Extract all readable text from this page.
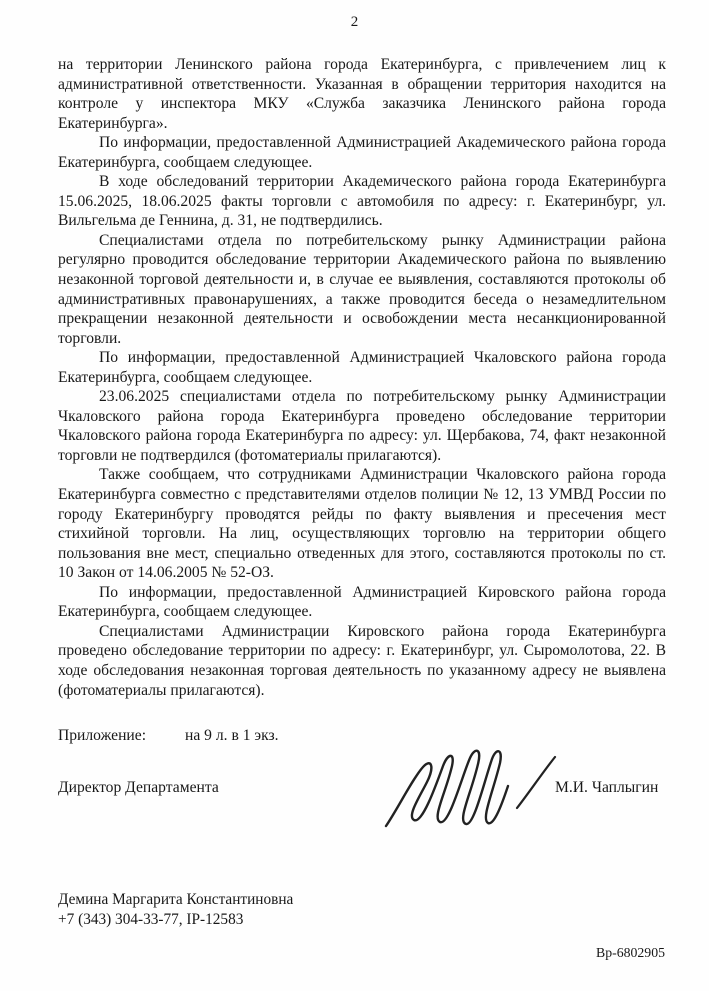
2

на территории Ленинского района города Екатеринбурга, с привлечением лиц к административной ответственности. Указанная в обращении территория находится на контроле у инспектора МКУ «Служба заказчика Ленинского района города Екатеринбурга».

По информации, предоставленной Администрацией Академического района города Екатеринбурга, сообщаем следующее.

В ходе обследований территории Академического района города Екатеринбурга 15.06.2025, 18.06.2025 факты торговли с автомобиля по адресу: г. Екатеринбург, ул. Вильгельма де Геннина, д. 31, не подтвердились.

Специалистами отдела по потребительскому рынку Администрации района регулярно проводится обследование территории Академического района по выявлению незаконной торговой деятельности и, в случае ее выявления, составляются протоколы об административных правонарушениях, а также проводится беседа о незамедлительном прекращении незаконной деятельности и освобождении места несанкционированной торговли.

По информации, предоставленной Администрацией Чкаловского района города Екатеринбурга, сообщаем следующее.

23.06.2025 специалистами отдела по потребительскому рынку Администрации Чкаловского района города Екатеринбурга проведено обследование территории Чкаловского района города Екатеринбурга по адресу: ул. Щербакова, 74, факт незаконной торговли не подтвердился (фотоматериалы прилагаются).

Также сообщаем, что сотрудниками Администрации Чкаловского района города Екатеринбурга совместно с представителями отделов полиции № 12, 13 УМВД России по городу Екатеринбургу проводятся рейды по факту выявления и пресечения мест стихийной торговли. На лиц, осуществляющих торговлю на территории общего пользования вне мест, специально отведенных для этого, составляются протоколы по ст. 10 Закон от 14.06.2005 № 52-ОЗ.

По информации, предоставленной Администрацией Кировского района города Екатеринбурга, сообщаем следующее.

Специалистами Администрации Кировского района города Екатеринбурга проведено обследование территории по адресу: г. Екатеринбург, ул. Сыромолотова, 22. В ходе обследования незаконная торговая деятельность по указанному адресу не выявлена (фотоматериалы прилагаются).

Приложение: на 9 л. в 1 экз.
Директор Департамента	М.И. Чаплыгин
Демина Маргарита Константиновна
+7 (343) 304-33-77, IP-12583
Вр-6802905
